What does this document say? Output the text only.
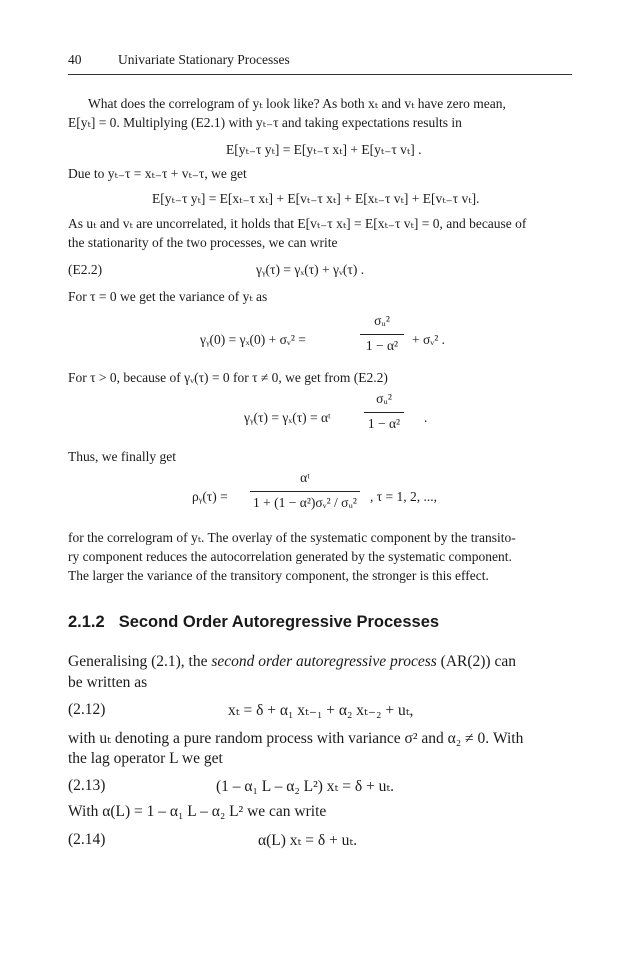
40	Univariate Stationary Processes
What does the correlogram of yₜ look like? As both xₜ and vₜ have zero mean,
E[yₜ] = 0. Multiplying (E2.1) with yₜ₋τ and taking expectations results in
E[yₜ₋τ yₜ] = E[yₜ₋τ xₜ] + E[yₜ₋τ vₜ] .
Due to yₜ₋τ = xₜ₋τ + vₜ₋τ, we get
E[yₜ₋τ yₜ] = E[xₜ₋τ xₜ] + E[vₜ₋τ xₜ] + E[xₜ₋τ vₜ] + E[vₜ₋τ vₜ].
As uₜ and vₜ are uncorrelated, it holds that E[vₜ₋τ xₜ] = E[xₜ₋τ vₜ] = 0, and because of
the stationarity of the two processes, we can write
(E2.2)	γᵧ(τ) = γₓ(τ) + γᵥ(τ) .
For τ = 0 we get the variance of yₜ as
γᵧ(0) = γₓ(0) + σᵥ² =
σᵤ²
1 − α²	+ σᵥ² .
For τ > 0, because of γᵥ(τ) = 0 for τ ≠ 0, we get from (E2.2)
γᵧ(τ) = γₓ(τ) = αᵗ
σᵤ²
1 − α² .
Thus, we finally get
ρᵧ(τ) =
αᵗ
1 + (1 − α²)σᵥ² / σᵤ² , τ = 1, 2, ...,
for the correlogram of yₜ. The overlay of the systematic component by the transito-
ry component reduces the autocorrelation generated by the systematic component.
The larger the variance of the transitory component, the stronger is this effect.
2.1.2 Second Order Autoregressive Processes
Generalising (2.1), the second order autoregressive process (AR(2)) can
be written as
(2.12)	xₜ = δ + α₁ xₜ₋₁ + α₂ xₜ₋₂ + uₜ,
with uₜ denoting a pure random process with variance σ² and α₂ ≠ 0. With
the lag operator L we get
(2.13)	(1 – α₁ L – α₂ L²) xₜ = δ + uₜ.
With α(L) = 1 – α₁ L – α₂ L² we can write
(2.14)	α(L) xₜ = δ + uₜ.
